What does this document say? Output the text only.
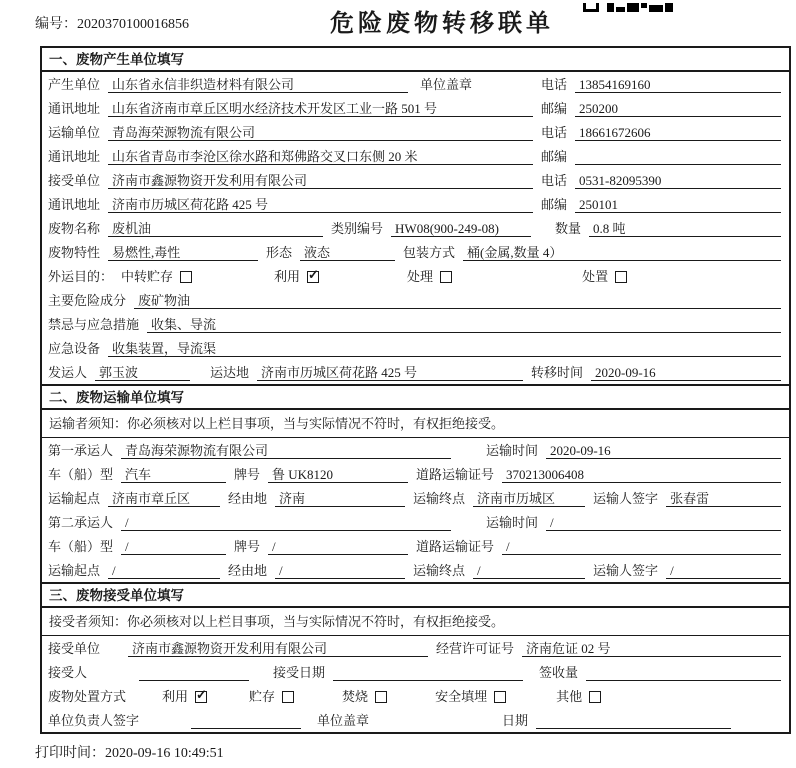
编号：2020370100016856	危险废物转移联单
一、废物产生单位填写
产生单位 山东省永信非织造材料有限公司	单位盖章	电话 13854169160
通讯地址 山东省济南市章丘区明水经济技术开发区工业一路 501 号	邮编 250200
运输单位 青岛海荣源物流有限公司	电话 18661672606
通讯地址 山东省青岛市李沧区徐水路和郑佛路交叉口东侧 20 米	邮编
接受单位 济南市鑫源物资开发利用有限公司	电话 0531-82095390
通讯地址 济南市历城区荷花路 425 号	邮编 250101
废物名称 废机油	类别编号 HW08(900-249-08)	数量 0.8 吨
废物特性 易燃性,毒性	形态 液态	包装方式 桶(金属,数量 4）
外运目的： 中转贮存	利用 ✓	处理	处置
主要危险成分 废矿物油
禁忌与应急措施 收集、导流
应急设备 收集装置，导流渠
发运人 郭玉波	运达地 济南市历城区荷花路 425 号	转移时间 2020-09-16
二、废物运输单位填写
运输者须知：你必须核对以上栏目事项，当与实际情况不符时，有权拒绝接受。
第一承运人 青岛海荣源物流有限公司	运输时间 2020-09-16
车（船）型 汽车	牌号 鲁 UK8120	道路运输证号 370213006408
运输起点 济南市章丘区	经由地 济南	运输终点 济南市历城区	运输人签字 张春雷
第二承运人 /	运输时间 /
车（船）型 /	牌号 /	道路运输证号 /
运输起点 /	经由地 /	运输终点 /	运输人签字 /
三、废物接受单位填写
接受者须知：你必须核对以上栏目事项，当与实际情况不符时，有权拒绝接受。
接受单位	济南市鑫源物资开发利用有限公司	经营许可证号 济南危证 02 号
接受人	接受日期	签收量
废物处置方式	利用 ✓	贮存	焚烧	安全填埋	其他
单位负责人签字	单位盖章	日期
打印时间：2020-09-16 10:49:51
